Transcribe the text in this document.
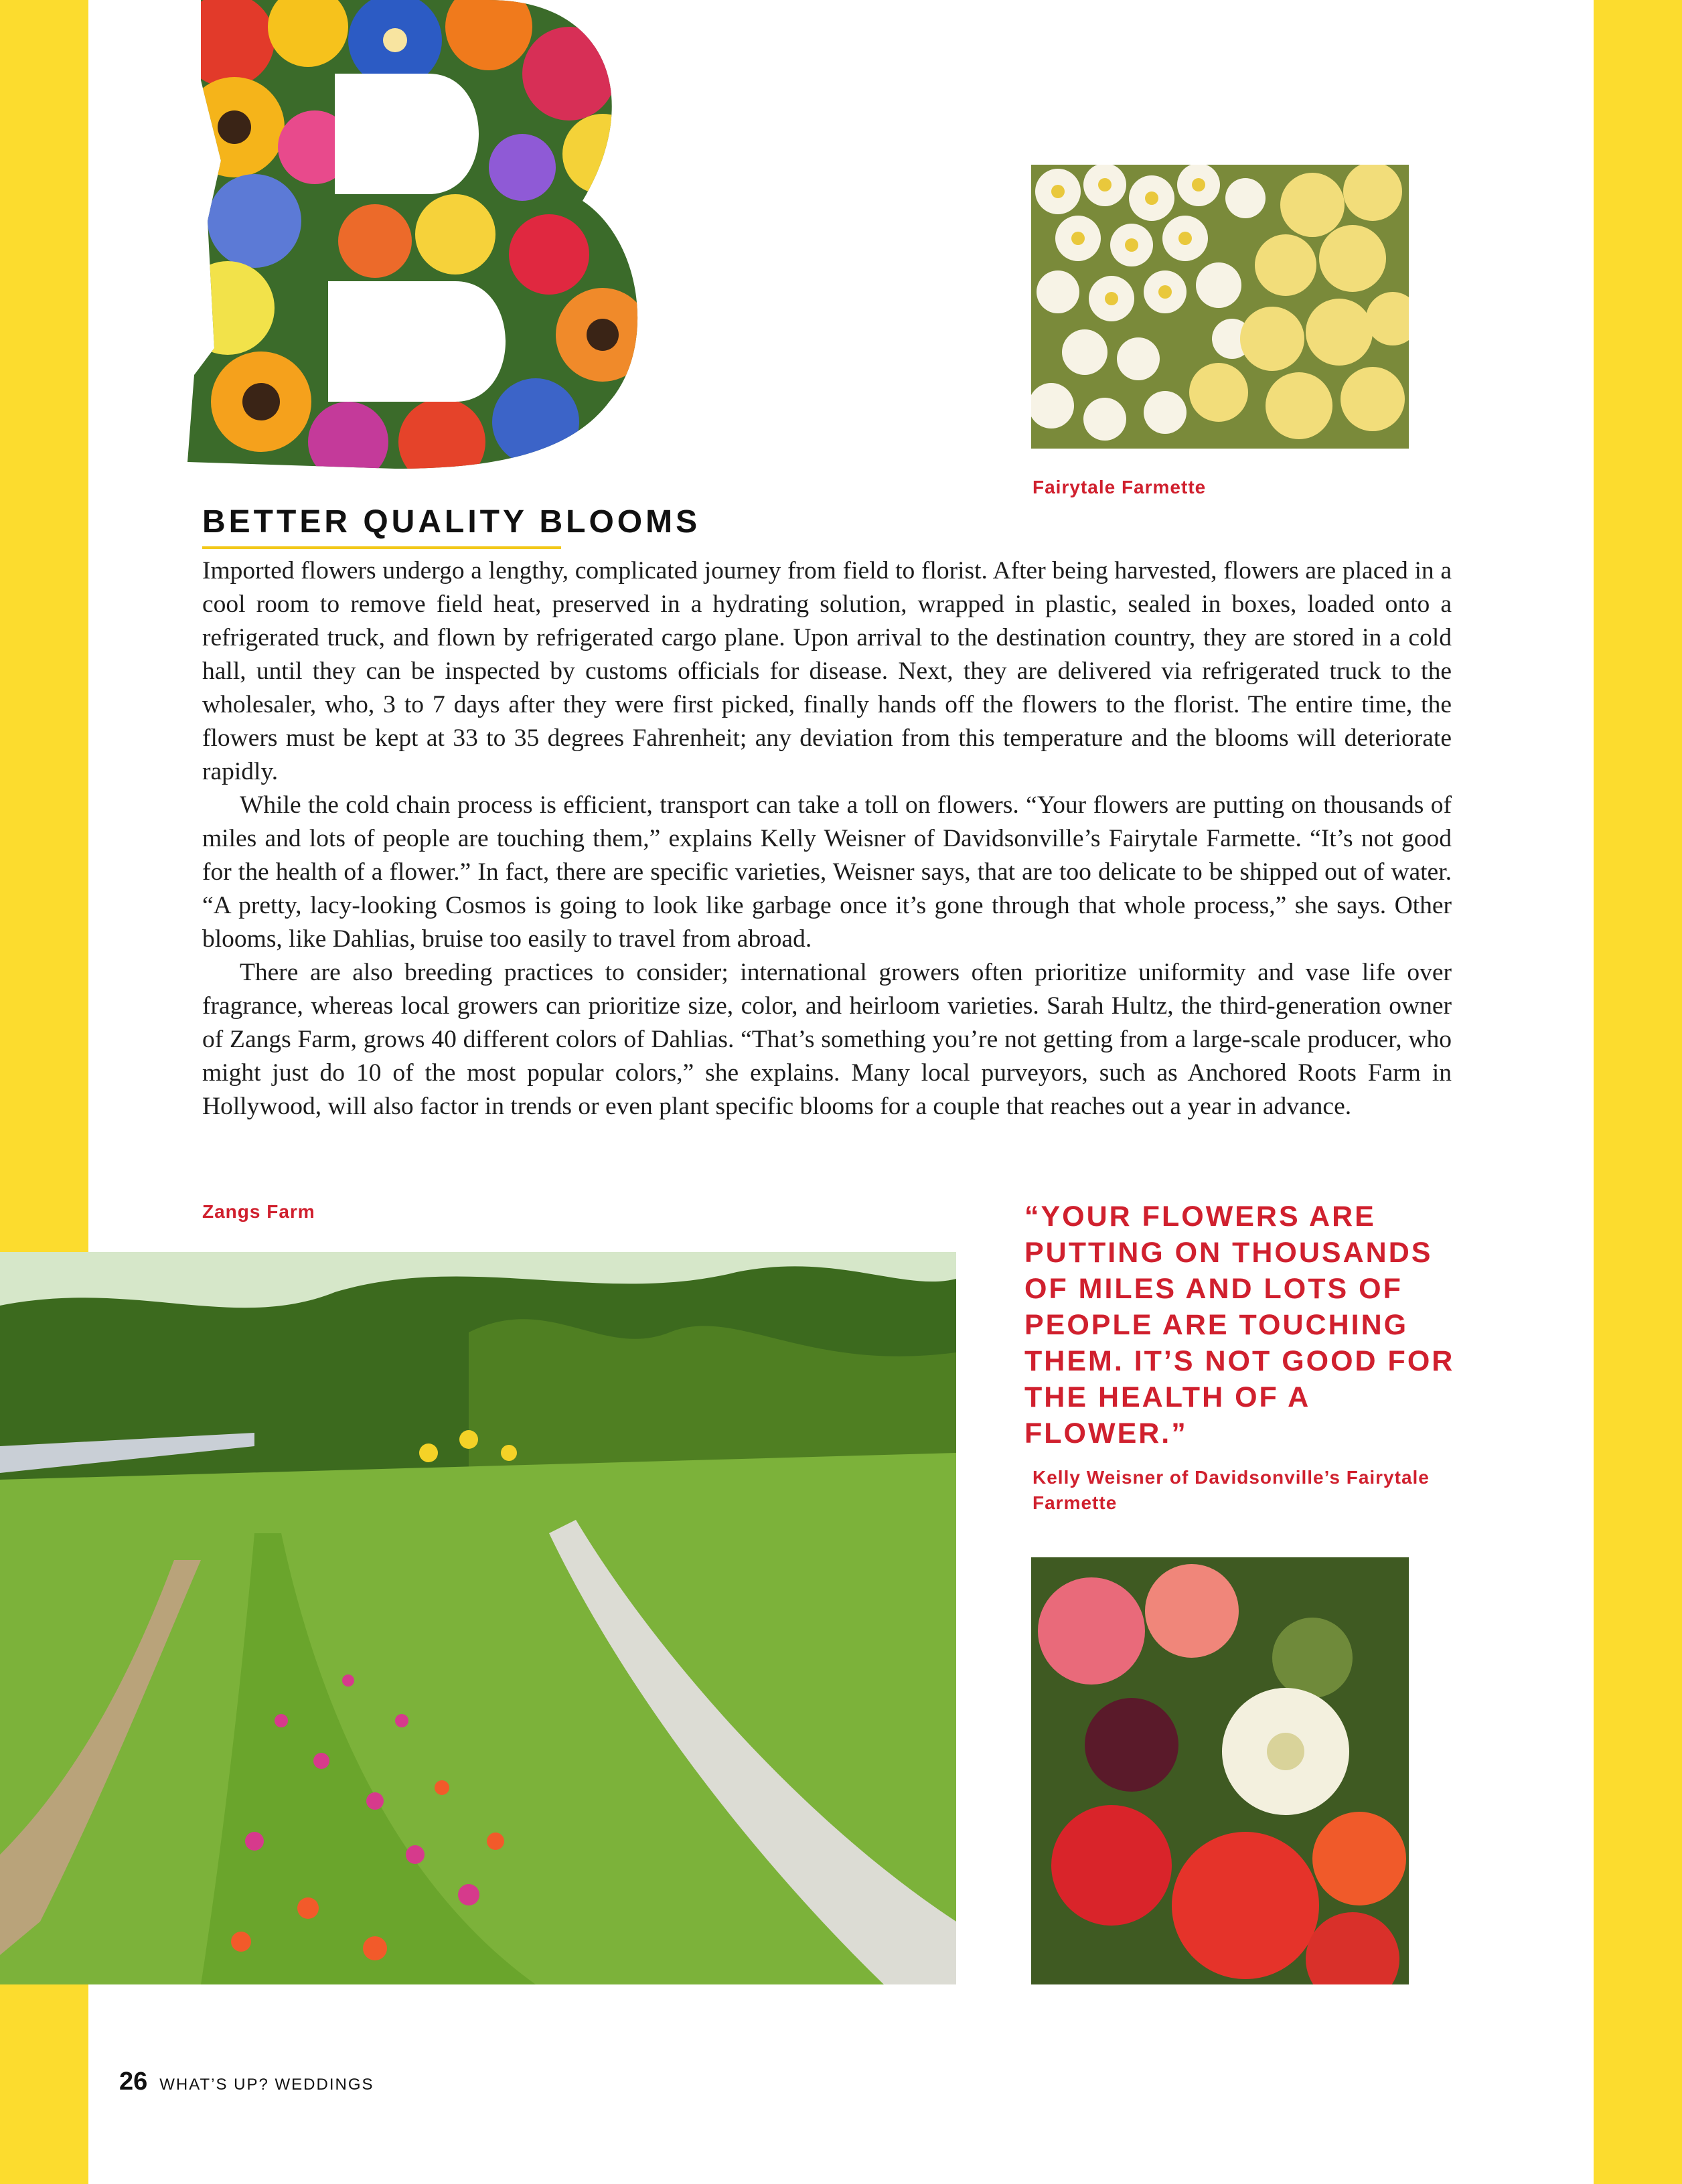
Fairytale Farmette
BETTER QUALITY BLOOMS

Imported flowers undergo a lengthy, complicated journey from field to florist. After being harvested, flowers are placed in a cool room to remove field heat, preserved in a hydrating solution, wrapped in plastic, sealed in boxes, loaded onto a refrigerated truck, and flown by refrigerated cargo plane. Upon arrival to the destination country, they are stored in a cold hall, until they can be inspected by customs officials for disease. Next, they are delivered via refrigerated truck to the wholesaler, who, 3 to 7 days after they were first picked, finally hands off the flowers to the florist. The entire time, the flowers must be kept at 33 to 35 degrees Fahrenheit; any deviation from this temperature and the blooms will deteriorate rapidly.

While the cold chain process is efficient, transport can take a toll on flowers. “Your flowers are putting on thousands of miles and lots of people are touching them,” explains Kelly Weisner of Davidsonville’s Fairytale Farmette. “It’s not good for the health of a flower.” In fact, there are specific varieties, Weisner says, that are too delicate to be shipped out of water. “A pretty, lacy-looking Cosmos is going to look like garbage once it’s gone through that whole process,” she says. Other blooms, like Dahlias, bruise too easily to travel from abroad.

There are also breeding practices to consider; international growers often prioritize uniformity and vase life over fragrance, whereas local growers can prioritize size, color, and heirloom varieties. Sarah Hultz, the third-generation owner of Zangs Farm, grows 40 different colors of Dahlias. “That’s something you’re not getting from a large-scale producer, who might just do 10 of the most popular colors,” she explains. Many local purveyors, such as Anchored Roots Farm in Hollywood, will also factor in trends or even plant specific blooms for a couple that reaches out a year in advance.

Zangs Farm	“YOUR FLOWERS ARE PUTTING ON THOUSANDS OF MILES AND LOTS OF PEOPLE ARE TOUCHING THEM. IT’S NOT GOOD FOR THE HEALTH OF A FLOWER.”
Kelly Weisner of Davidsonville’s Fairytale Farmette
26 WHAT’S UP? WEDDINGS
